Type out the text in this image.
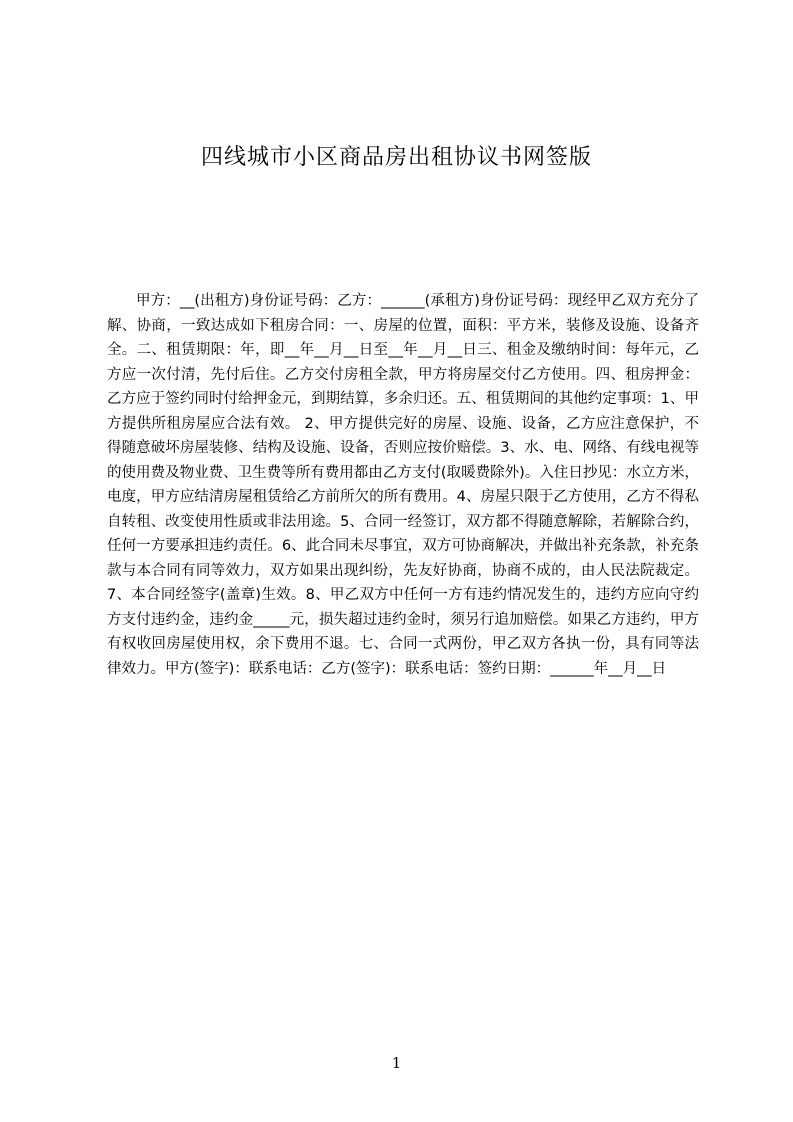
四线城市小区商品房出租协议书网签版

甲方：__(出租方)身份证号码：乙方：______(承租方)身份证号码：现经甲乙双方充分了解、协商，一致达成如下租房合同：一、房屋的位置，面积：平方米，装修及设施、设备齐全。二、租赁期限：年，即__年__月__日至__年__月__日三、租金及缴纳时间：每年元，乙方应一次付清，先付后住。乙方交付房租全款，甲方将房屋交付乙方使用。四、租房押金：乙方应于签约同时付给押金元，到期结算，多余归还。五、租赁期间的其他约定事项：1、甲方提供所租房屋应合法有效。 2、甲方提供完好的房屋、设施、设备，乙方应注意保护，不得随意破坏房屋装修、结构及设施、设备，否则应按价赔偿。3、水、电、网络、有线电视等的使用费及物业费、卫生费等所有费用都由乙方支付(取暖费除外)。入住日抄见：水立方米，电度，甲方应结清房屋租赁给乙方前所欠的所有费用。4、房屋只限于乙方使用，乙方不得私自转租、改变使用性质或非法用途。5、合同一经签订，双方都不得随意解除，若解除合约，任何一方要承担违约责任。6、此合同未尽事宜，双方可协商解决，并做出补充条款，补充条款与本合同有同等效力，双方如果出现纠纷，先友好协商，协商不成的，由人民法院裁定。7、本合同经签字(盖章)生效。8、甲乙双方中任何一方有违约情况发生的，违约方应向守约方支付违约金，违约金_____元，损失超过违约金时，须另行追加赔偿。如果乙方违约，甲方有权收回房屋使用权，余下费用不退。七、合同一式两份，甲乙双方各执一份，具有同等法律效力。甲方(签字)：联系电话：乙方(签字)：联系电话：签约日期：______年__月__日

1
